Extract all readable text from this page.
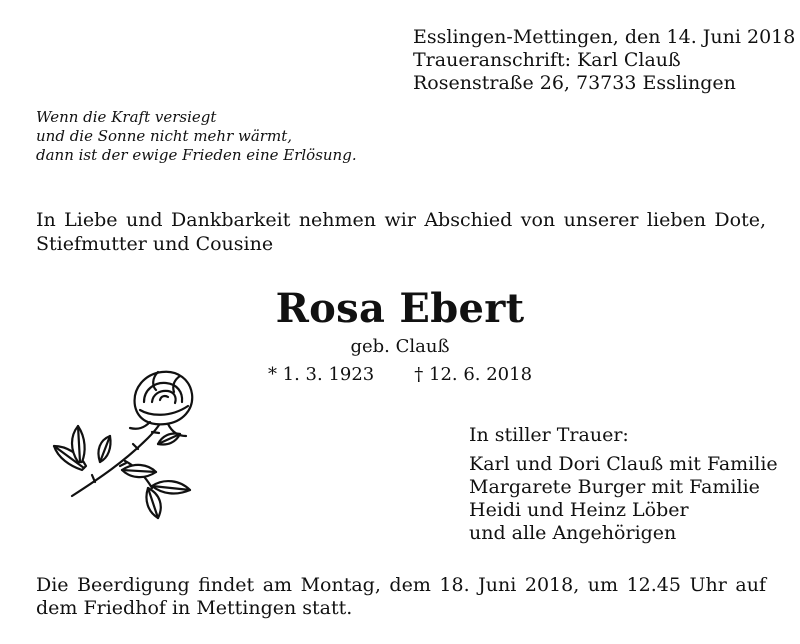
Esslingen-Mettingen, den 14. Juni 2018
Traueranschrift: Karl Clauß
Rosenstraße 26, 73733 Esslingen
Wenn die Kraft versiegt
und die Sonne nicht mehr wärmt,
dann ist der ewige Frieden eine Erlösung.
In Liebe und Dankbarkeit nehmen wir Abschied von unserer lieben Dote, Stiefmutter und Cousine
Rosa Ebert
geb. Clauß
* 1. 3. 1923 † 12. 6. 2018
In stiller Trauer:
Karl und Dori Clauß mit Familie
Margarete Burger mit Familie
Heidi und Heinz Löber
und alle Angehörigen
Die Beerdigung findet am Montag, dem 18. Juni 2018, um 12.45 Uhr auf dem Friedhof in Mettingen statt.
